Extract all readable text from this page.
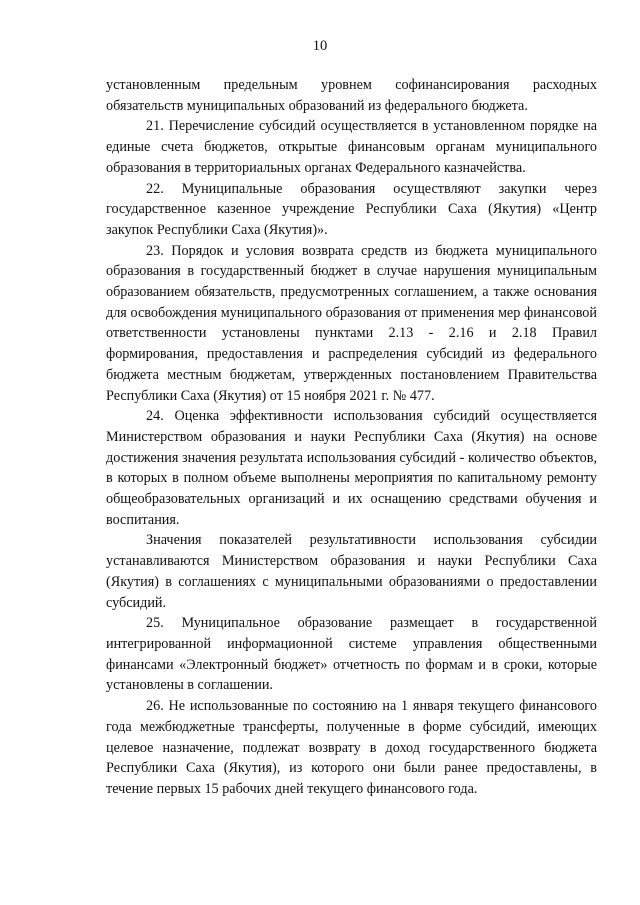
10

установленным предельным уровнем софинансирования расходных обязательств муниципальных образований из федерального бюджета.

21. Перечисление субсидий осуществляется в установленном порядке на единые счета бюджетов, открытые финансовым органам муниципального образования в территориальных органах Федерального казначейства.

22. Муниципальные образования осуществляют закупки через государственное казенное учреждение Республики Саха (Якутия) «Центр закупок Республики Саха (Якутия)».

23. Порядок и условия возврата средств из бюджета муниципального образования в государственный бюджет в случае нарушения муниципальным образованием обязательств, предусмотренных соглашением, а также основания для освобождения муниципального образования от применения мер финансовой ответственности установлены пунктами 2.13 - 2.16 и 2.18 Правил формирования, предоставления и распределения субсидий из федерального бюджета местным бюджетам, утвержденных постановлением Правительства Республики Саха (Якутия) от 15 ноября 2021 г. № 477.

24. Оценка эффективности использования субсидий осуществляется Министерством образования и науки Республики Саха (Якутия) на основе достижения значения результата использования субсидий - количество объектов, в которых в полном объеме выполнены мероприятия по капитальному ремонту общеобразовательных организаций и их оснащению средствами обучения и воспитания.

Значения показателей результативности использования субсидии устанавливаются Министерством образования и науки Республики Саха (Якутия) в соглашениях с муниципальными образованиями о предоставлении субсидий.

25. Муниципальное образование размещает в государственной интегрированной информационной системе управления общественными финансами «Электронный бюджет» отчетность по формам и в сроки, которые установлены в соглашении.

26. Не использованные по состоянию на 1 января текущего финансового года межбюджетные трансферты, полученные в форме субсидий, имеющих целевое назначение, подлежат возврату в доход государственного бюджета Республики Саха (Якутия), из которого они были ранее предоставлены, в течение первых 15 рабочих дней текущего финансового года.
